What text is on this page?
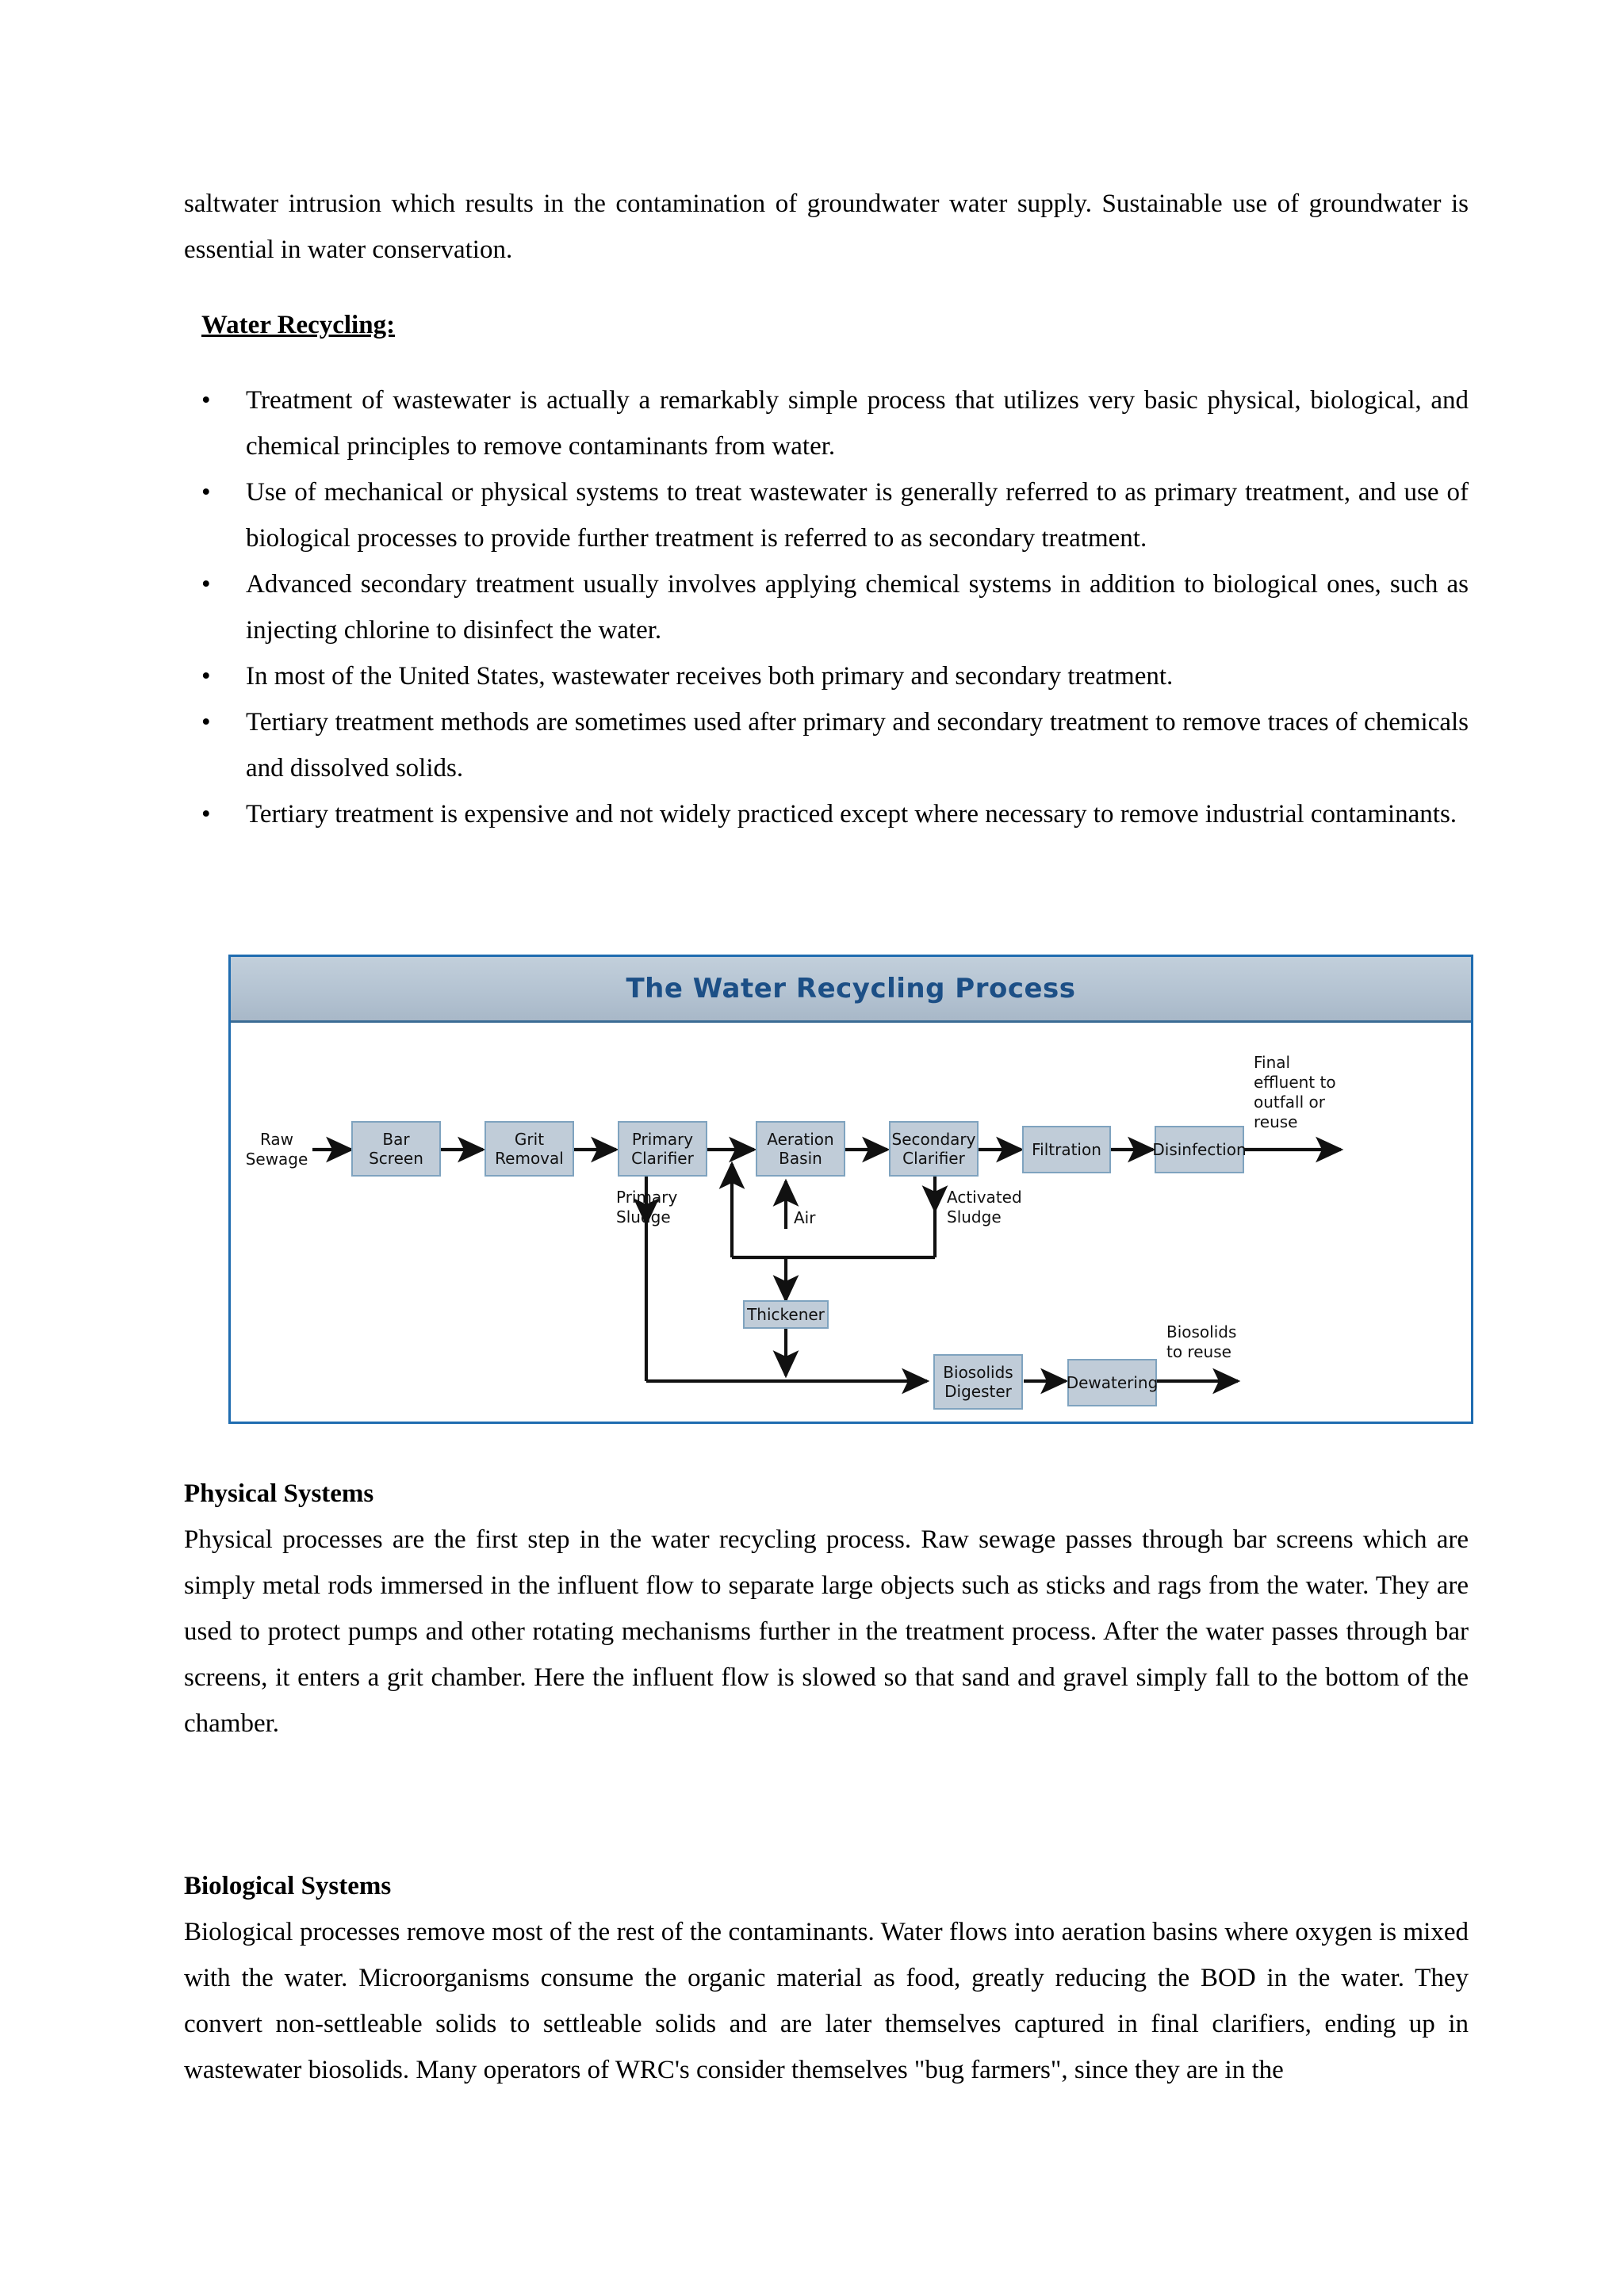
saltwater intrusion which results in the contamination of groundwater water supply. Sustainable use of groundwater is essential in water conservation.

Water Recycling:
• Treatment of wastewater is actually a remarkably simple process that utilizes very basic physical, biological, and chemical principles to remove contaminants from water.
• Use of mechanical or physical systems to treat wastewater is generally referred to as primary treatment, and use of biological processes to provide further treatment is referred to as secondary treatment.
• Advanced secondary treatment usually involves applying chemical systems in addition to biological ones, such as injecting chlorine to disinfect the water.
• In most of the United States, wastewater receives both primary and secondary treatment.
• Tertiary treatment methods are sometimes used after primary and secondary treatment to remove traces of chemicals and dissolved solids.
• Tertiary treatment is expensive and not widely practiced except where necessary to remove industrial contaminants.
The Water Recycling Process
Bar
Screen
Grit
Removal
Primary
Clarifier
Aeration
Basin
Secondary
Clarifier	Filtration	Disinfection
Thickener
Biosolids
Digester	Dewatering
Raw
Sewage
Primary
Sludge	Air
Activated
Sludge
Final
effluent to
outfall or
reuse
Biosolids
to reuse
Physical Systems

Physical processes are the first step in the water recycling process. Raw sewage passes through bar screens which are simply metal rods immersed in the influent flow to separate large objects such as sticks and rags from the water. They are used to protect pumps and other rotating mechanisms further in the treatment process. After the water passes through bar screens, it enters a grit chamber. Here the influent flow is slowed so that sand and gravel simply fall to the bottom of the chamber.

Biological Systems

Biological processes remove most of the rest of the contaminants. Water flows into aeration basins where oxygen is mixed with the water. Microorganisms consume the organic material as food, greatly reducing the BOD in the water. They convert non-settleable solids to settleable solids and are later themselves captured in final clarifiers, ending up in wastewater biosolids. Many operators of WRC's consider themselves "bug farmers", since they are in the
